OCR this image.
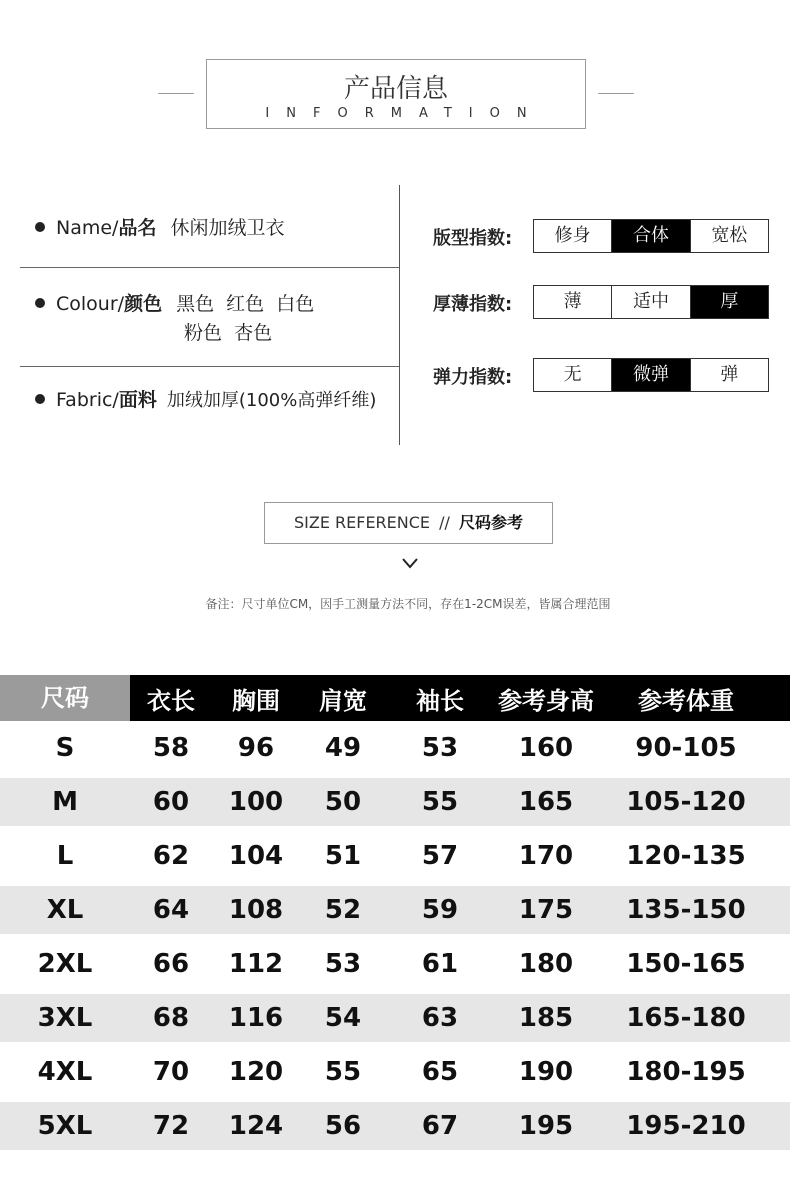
产品信息
INFORMATION
Name/品名 休闲加绒卫衣
Colour/颜色 黑色  红色  白色
粉色  杏色
Fabric/面料 加绒加厚(100%高弹纤维)
版型指数:	修身	合体	宽松
厚薄指数:	薄	适中	厚
弹力指数:	无	微弹	弹
SIZE REFERENCE // 尺码参考
备注：尺寸单位CM，因手工测量方法不同，存在1-2CM误差，皆属合理范围
尺码	衣长	胸围	肩宽	袖长	参考身高	参考体重
S	58	96	49	53	160	90-105
M	60	100	50	55	165	105-120
L	62	104	51	57	170	120-135
XL	64	108	52	59	175	135-150
2XL	66	112	53	61	180	150-165
3XL	68	116	54	63	185	165-180
4XL	70	120	55	65	190	180-195
5XL	72	124	56	67	195	195-210
